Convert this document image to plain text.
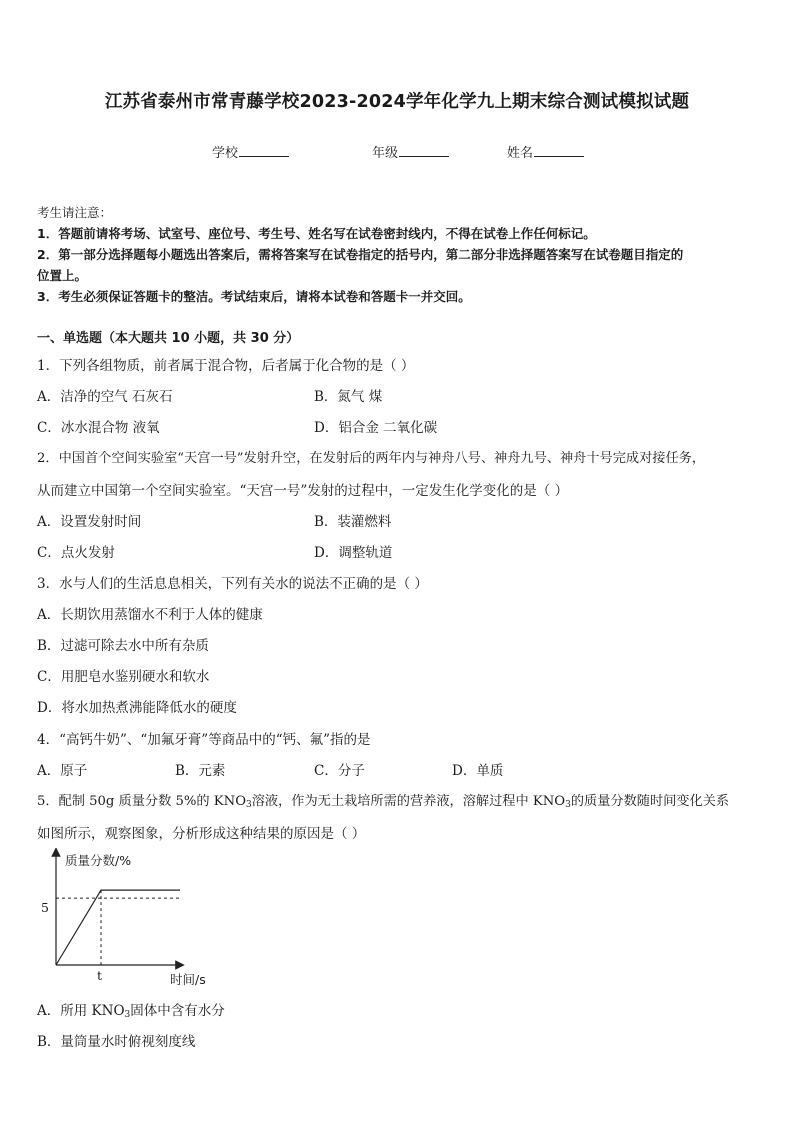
江苏省泰州市常青藤学校2023-2024学年化学九上期末综合测试模拟试题
学校	年级	姓名
考生请注意：
1．答题前请将考场、试室号、座位号、考生号、姓名写在试卷密封线内，不得在试卷上作任何标记。
2．第一部分选择题每小题选出答案后，需将答案写在试卷指定的括号内，第二部分非选择题答案写在试卷题目指定的
位置上。
3．考生必须保证答题卡的整洁。考试结束后，请将本试卷和答题卡一并交回。
一、单选题（本大题共 10 小题，共 30 分）
1．下列各组物质，前者属于混合物，后者属于化合物的是（ ）
A．洁净的空气 石灰石	B．氮气 煤
C．冰水混合物 液氧	D．铝合金 二氧化碳
2．中国首个空间实验室“天宫一号”发射升空，在发射后的两年内与神舟八号、神舟九号、神舟十号完成对接任务，
从而建立中国第一个空间实验室。“天宫一号”发射的过程中，一定发生化学变化的是（ ）
A．设置发射时间	B．装灌燃料
C．点火发射	D．调整轨道
3．水与人们的生活息息相关，下列有关水的说法不正确的是（ ）
A．长期饮用蒸馏水不利于人体的健康
B．过滤可除去水中所有杂质
C．用肥皂水鉴别硬水和软水
D．将水加热煮沸能降低水的硬度
4．“高钙牛奶”、“加氟牙膏”等商品中的“钙、氟”指的是
A．原子	B．元素	C．分子	D．单质
5．配制 50g 质量分数 5%的 $KNO_3$溶液，作为无土栽培所需的营养液，溶解过程中 $KNO_3$的质量分数随时间变化关系
如图所示，观察图象，分析形成这种结果的原因是（ ）
质量分数/%
时间/s
5
t
A．所用 $KNO_3$固体中含有水分
B．量筒量水时俯视刻度线
